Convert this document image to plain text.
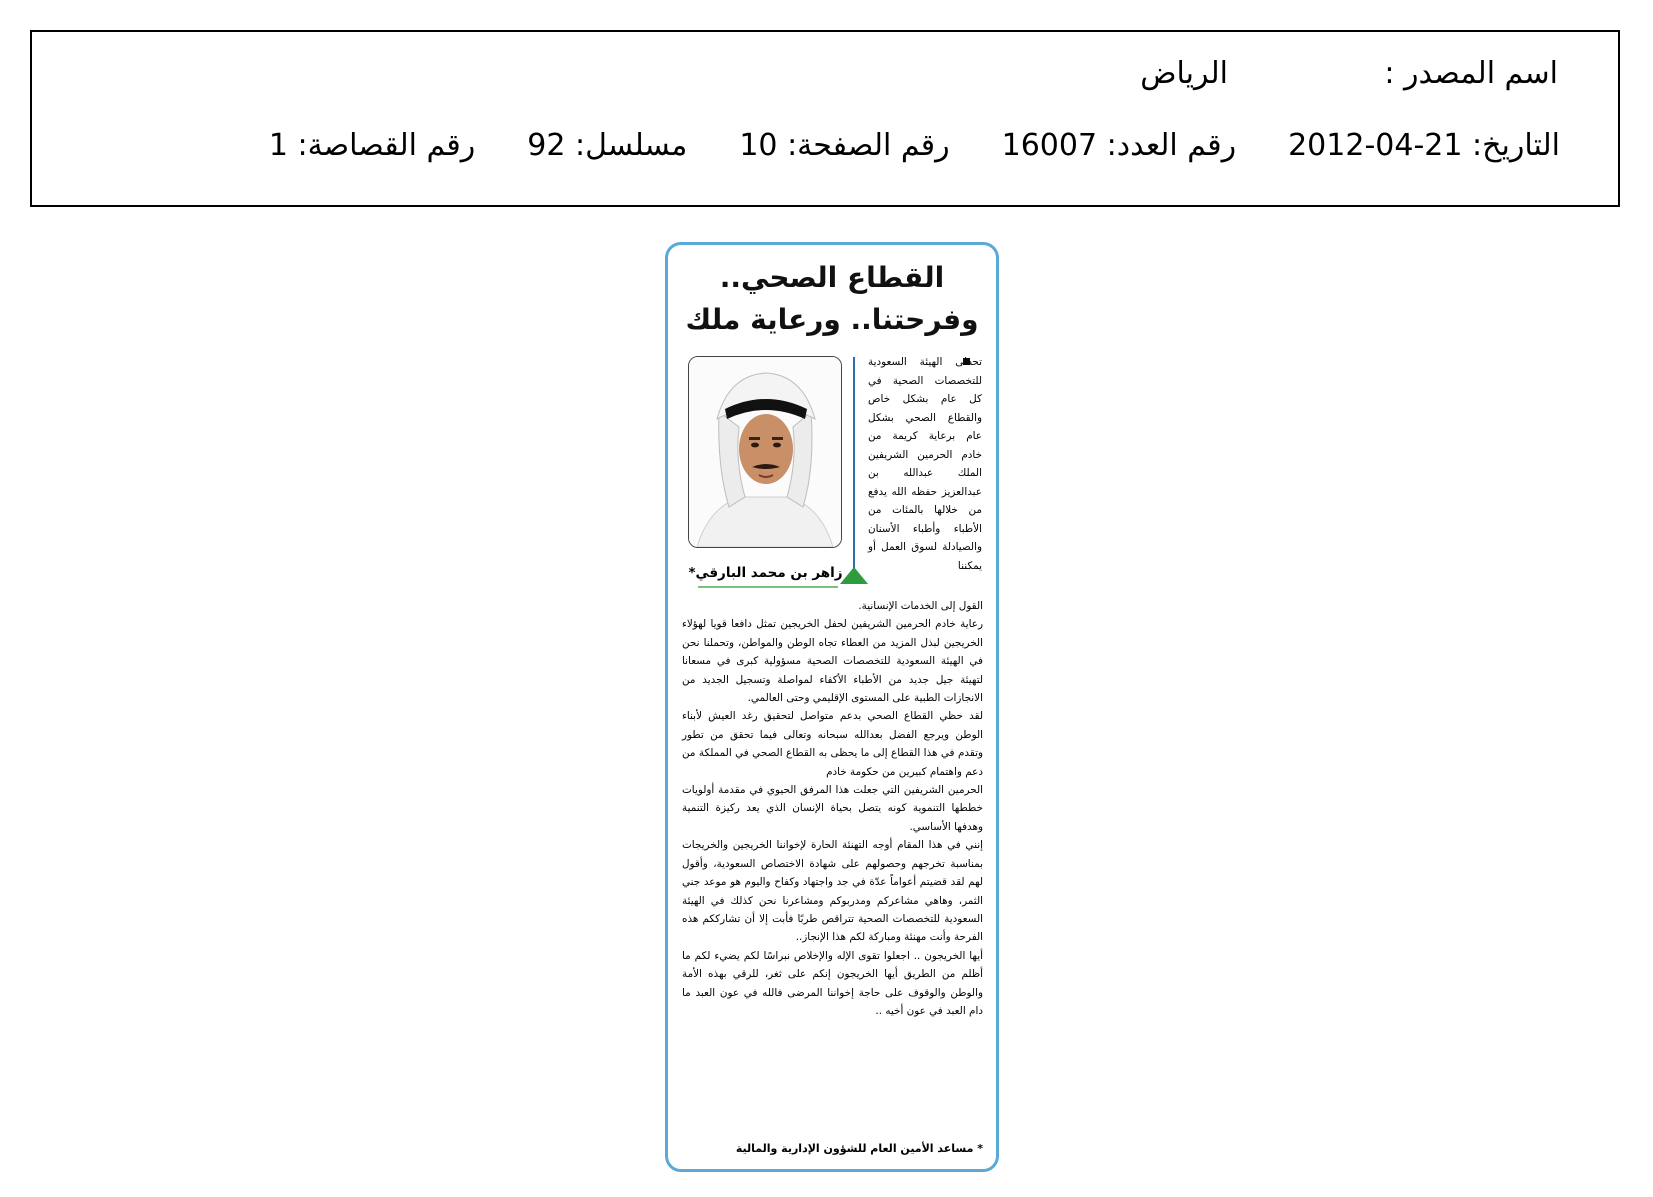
اسم المصدر :
الرياض
التاريخ: 21-04-2012
رقم العدد: 16007
رقم الصفحة: 10
مسلسل: 92
رقم القصاصة: 1
القطاع الصحي..
وفرحتنا.. ورعاية ملك
زاهر بن محمد البارقي*
تحظى الهيئة السعودية للتخصصات الصحية في كل عام بشكل خاص والقطاع الصحي بشكل عام برعاية كريمة من خادم الحرمين الشريفين الملك عبدالله بن عبدالعزيز حفظه الله يدفع من خلالها بالمئات من الأطباء وأطباء الأسنان والصيادلة لسوق العمل أو يمكننا

القول إلى الخدمات الإنسانية.

رعاية خادم الحرمين الشريفين لحفل الخريجين تمثل دافعا قويا لهؤلاء الخريجين لبذل المزيد من العطاء تجاه الوطن والمواطن، وتحملنا نحن في الهيئة السعودية للتخصصات الصحية مسؤولية كبرى في مسعانا لتهيئة جيل جديد من الأطباء الأكفاء لمواصلة وتسجيل الجديد من الانجازات الطبية على المستوى الإقليمي وحتى العالمي.

لقد حظي القطاع الصحي بدعم متواصل لتحقيق رغد العيش لأبناء الوطن ويرجع الفضل بعدالله سبحانه وتعالى فيما تحقق من تطور وتقدم في هذا القطاع إلى ما يحظى به القطاع الصحي في المملكة من دعم واهتمام كبيرين من حكومة خادم

الحرمين الشريفين التي جعلت هذا المرفق الحيوي في مقدمة أولويات خططها التنموية كونه يتصل بحياة الإنسان الذي يعد ركيزة التنمية وهدفها الأساسي.

إنني في هذا المقام أوجه التهنئة الحارة لإخواننا الخريجين والخريجات بمناسبة تخرجهم وحصولهم على شهادة الاختصاص السعودية، وأقول لهم لقد قضيتم أعواماً عدّة في جد واجتهاد وكفاح واليوم هو موعد جني الثمر، وهاهي مشاعركم ومدربوكم ومشاعرنا نحن كذلك في الهيئة السعودية للتخصصات الصحية تتراقص طربًا فأبت إلا أن تشارككم هذه الفرحة وأنت مهنئة ومباركة لكم هذا الإنجاز..

أيها الخريجون .. اجعلوا تقوى الإله والإخلاص نبراسًا لكم يضيء لكم ما أظلم من الطريق أيها الخريجون إنكم على ثغر، للرقي بهذه الأمة والوطن والوقوف على حاجة إخواننا المرضى فالله في عون العبد ما دام العبد في عون أخيه ..

* مساعد الأمين العام للشؤون الإدارية والمالية
